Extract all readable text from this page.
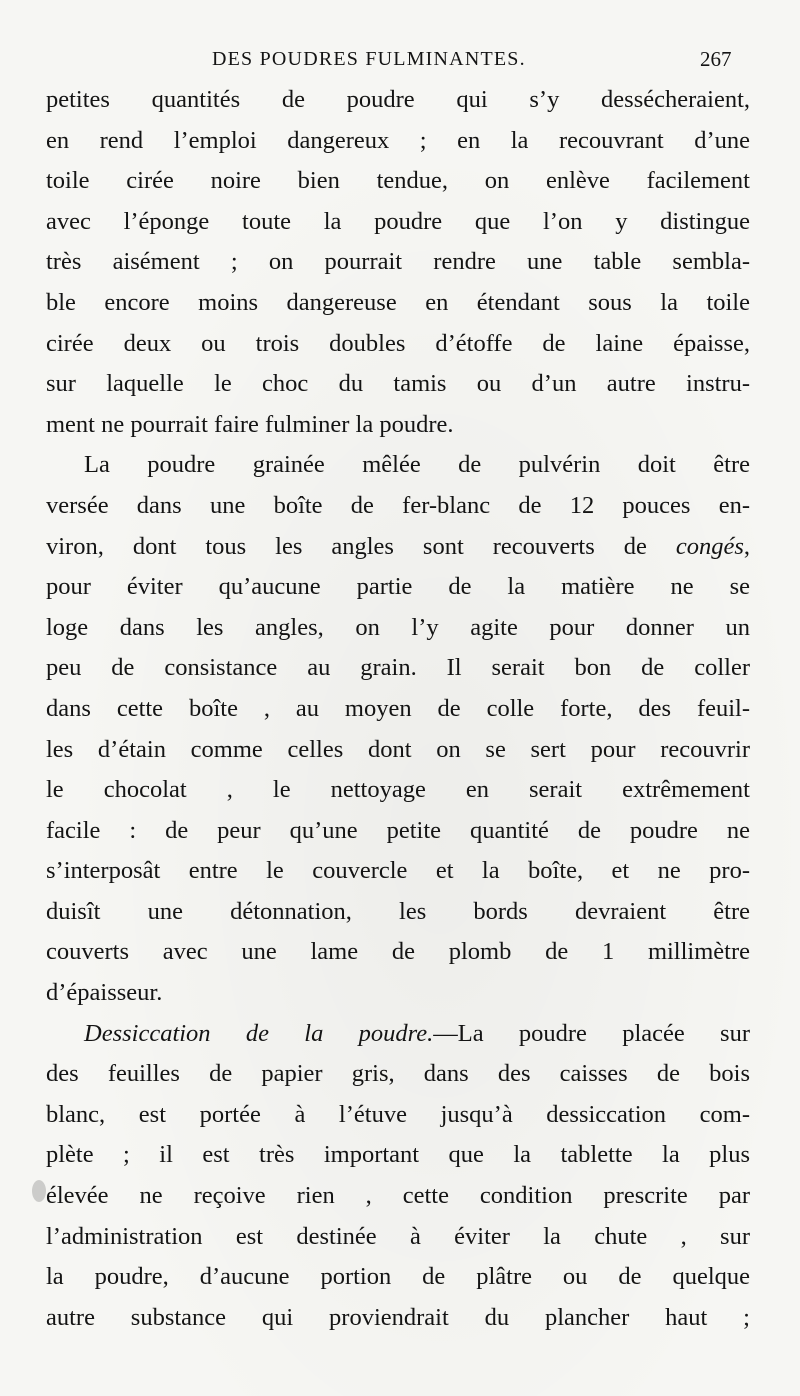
DES POUDRES FULMINANTES.	267
petites quantités de poudre qui s’y dessécheraient,
en rend l’emploi dangereux ; en la recouvrant d’une
toile cirée noire bien tendue, on enlève facilement
avec l’éponge toute la poudre que l’on y distingue
très aisément ; on pourrait rendre une table sembla-
ble encore moins dangereuse en étendant sous la toile
cirée deux ou trois doubles d’étoffe de laine épaisse,
sur laquelle le choc du tamis ou d’un autre instru-
ment ne pourrait faire fulminer la poudre.
La poudre grainée mêlée de pulvérin doit être
versée dans une boîte de fer-blanc de 12 pouces en-
viron, dont tous les angles sont recouverts de congés,
pour éviter qu’aucune partie de la matière ne se
loge dans les angles, on l’y agite pour donner un
peu de consistance au grain. Il serait bon de coller
dans cette boîte , au moyen de colle forte, des feuil-
les d’étain comme celles dont on se sert pour recouvrir
le chocolat , le nettoyage en serait extrêmement
facile : de peur qu’une petite quantité de poudre ne
s’interposât entre le couvercle et la boîte, et ne pro-
duisît une détonnation, les bords devraient être
couverts avec une lame de plomb de 1 millimètre
d’épaisseur.
Dessiccation de la poudre.—La poudre placée sur
des feuilles de papier gris, dans des caisses de bois
blanc, est portée à l’étuve jusqu’à dessiccation com-
plète ; il est très important que la tablette la plus
élevée ne reçoive rien , cette condition prescrite par
l’administration est destinée à éviter la chute , sur
la poudre, d’aucune portion de plâtre ou de quelque
autre substance qui proviendrait du plancher haut ;
